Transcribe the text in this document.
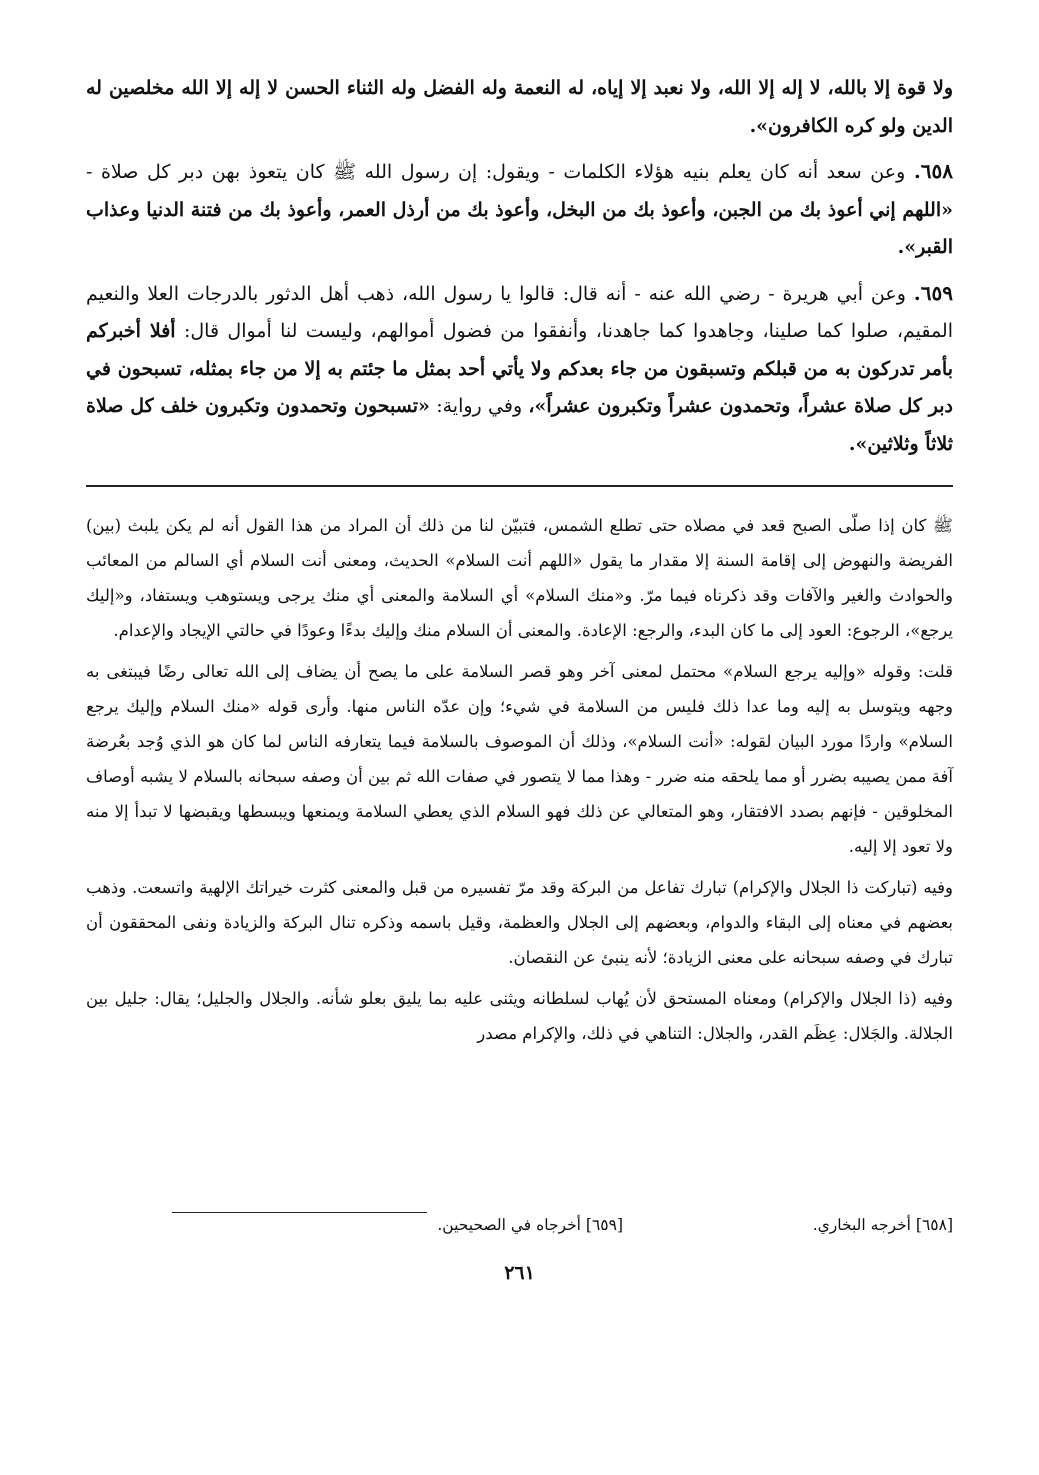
ولا قوة إلا بالله، لا إله إلا الله، ولا نعبد إلا إياه، له النعمة وله الفضل وله الثناء الحسن لا إله إلا الله مخلصين له الدين ولو كره الكافرون».

٦٥٨. وعن سعد أنه كان يعلم بنيه هؤلاء الكلمات - ويقول: إن رسول الله ﷺ كان يتعوذ بهن دبر كل صلاة - «اللهم إني أعوذ بك من الجبن، وأعوذ بك من البخل، وأعوذ بك من أرذل العمر، وأعوذ بك من فتنة الدنيا وعذاب القبر».

٦٥٩. وعن أبي هريرة - رضي الله عنه - أنه قال: قالوا يا رسول الله، ذهب أهل الدثور بالدرجات العلا والنعيم المقيم، صلوا كما صلينا، وجاهدوا كما جاهدنا، وأنفقوا من فضول أموالهم، وليست لنا أموال قال: أفلا أخبركم بأمر تدركون به من قبلكم وتسبقون من جاء بعدكم ولا يأتي أحد بمثل ما جئتم به إلا من جاء بمثله، تسبحون في دبر كل صلاة عشراً، وتحمدون عشراً وتكبرون عشراً»، وفي رواية: «تسبحون وتحمدون وتكبرون خلف كل صلاة ثلاثاً وثلاثين».

ﷺ كان إذا صلّى الصبح قعد في مصلاه حتى تطلع الشمس، فتبيّن لنا من ذلك أن المراد من هذا القول أنه لم يكن يلبث (بين) الفريضة والنهوض إلى إقامة السنة إلا مقدار ما يقول «اللهم أنت السلام» الحديث، ومعنى أنت السلام أي السالم من المعائب والحوادث والغير والآفات وقد ذكرناه فيما مرّ. و«منك السلام» أي السلامة والمعنى أي منك يرجى ويستوهب ويستفاد، و«إليك يرجع»، الرجوع: العود إلى ما كان البدء، والرجع: الإعادة. والمعنى أن السلام منك وإليك بدءًا وعودًا في حالتي الإيجاد والإعدام.

قلت: وقوله «وإليه يرجع السلام» محتمل لمعنى آخر وهو قصر السلامة على ما يصح أن يضاف إلى الله تعالى رضًا فيبتغى به وجهه ويتوسل به إليه وما عدا ذلك فليس من السلامة في شيء؛ وإن عدّه الناس منها. وأرى قوله «منك السلام وإليك يرجع السلام» واردًا مورد البيان لقوله: «أنت السلام»، وذلك أن الموصوف بالسلامة فيما يتعارفه الناس لما كان هو الذي وُجد بعُرضة آفة ممن يصيبه بضرر أو مما يلحقه منه ضرر - وهذا مما لا يتصور في صفات الله ثم بين أن وصفه سبحانه بالسلام لا يشبه أوصاف المخلوقين - فإنهم بصدد الافتقار، وهو المتعالي عن ذلك فهو السلام الذي يعطي السلامة ويمنعها ويبسطها ويقبضها لا تبدأ إلا منه ولا تعود إلا إليه.

وفيه (تباركت ذا الجلال والإكرام) تبارك تفاعل من البركة وقد مرّ تفسيره من قبل والمعنى كثرت خيراتك الإلهية واتسعت. وذهب بعضهم في معناه إلى البقاء والدوام، وبعضهم إلى الجلال والعظمة، وقيل باسمه وذكره تنال البركة والزيادة ونفى المحققون أن تبارك في وصفه سبحانه على معنى الزيادة؛ لأنه ينبئ عن النقصان.

وفيه (ذا الجلال والإكرام) ومعناه المستحق لأن يُهاب لسلطانه ويثنى عليه بما يليق بعلو شأنه. والجلال والجليل؛ يقال: جليل بين الجلالة. والجَلال: عِظَم القدر، والجلال: التناهي في ذلك، والإكرام مصدر

[٦٥٨] أخرجه البخاري.
[٦٥٩] أخرجاه في الصحيحين.
٢٦١
